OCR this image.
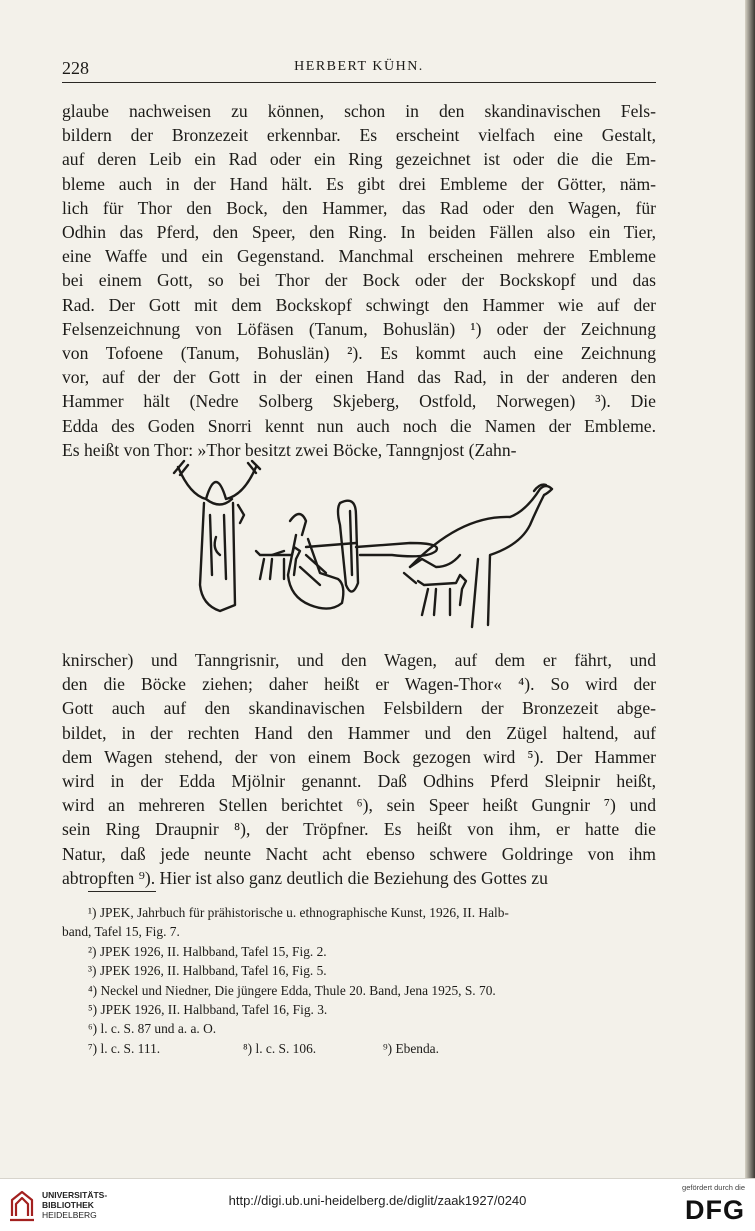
228	HERBERT KÜHN.
glaube nachweisen zu können, schon in den skandinavischen Fels-
bildern der Bronzezeit erkennbar. Es erscheint vielfach eine Gestalt,
auf deren Leib ein Rad oder ein Ring gezeichnet ist oder die die Em-
bleme auch in der Hand hält. Es gibt drei Embleme der Götter, näm-
lich für Thor den Bock, den Hammer, das Rad oder den Wagen, für
Odhin das Pferd, den Speer, den Ring. In beiden Fällen also ein Tier,
eine Waffe und ein Gegenstand. Manchmal erscheinen mehrere Embleme
bei einem Gott, so bei Thor der Bock oder der Bockskopf und das
Rad. Der Gott mit dem Bockskopf schwingt den Hammer wie auf der
Felsenzeichnung von Löfäsen (Tanum, Bohuslän) ¹) oder der Zeichnung
von Tofoene (Tanum, Bohuslän) ²). Es kommt auch eine Zeichnung
vor, auf der der Gott in der einen Hand das Rad, in der anderen den
Hammer hält (Nedre Solberg Skjeberg, Ostfold, Norwegen) ³). Die
Edda des Goden Snorri kennt nun auch noch die Namen der Embleme.
Es heißt von Thor: »Thor besitzt zwei Böcke, Tanngnjost (Zahn-
knirscher) und Tanngrisnir, und den Wagen, auf dem er fährt, und
den die Böcke ziehen; daher heißt er Wagen-Thor« ⁴). So wird der
Gott auch auf den skandinavischen Felsbildern der Bronzezeit abge-
bildet, in der rechten Hand den Hammer und den Zügel haltend, auf
dem Wagen stehend, der von einem Bock gezogen wird ⁵). Der Hammer
wird in der Edda Mjölnir genannt. Daß Odhins Pferd Sleipnir heißt,
wird an mehreren Stellen berichtet ⁶), sein Speer heißt Gungnir ⁷) und
sein Ring Draupnir ⁸), der Tröpfner. Es heißt von ihm, er hatte die
Natur, daß jede neunte Nacht acht ebenso schwere Goldringe von ihm
abtropften ⁹). Hier ist also ganz deutlich die Beziehung des Gottes zu
¹) JPEK, Jahrbuch für prähistorische u. ethnographische Kunst, 1926, II. Halb-
band, Tafel 15, Fig. 7.
²) JPEK 1926, II. Halbband, Tafel 15, Fig. 2.
³) JPEK 1926, II. Halbband, Tafel 16, Fig. 5.
⁴) Neckel und Niedner, Die jüngere Edda, Thule 20. Band, Jena 1925, S. 70.
⁵) JPEK 1926, II. Halbband, Tafel 16, Fig. 3.
⁶) l. c. S. 87 und a. a. O.
⁷) l. c. S. 111.	⁸) l. c. S. 106.	⁹) Ebenda.
UNIVERSITÄTS-
BIBLIOTHEK
HEIDELBERG
http://digi.ub.uni-heidelberg.de/diglit/zaak1927/0240
gefördert durch die
DFG
